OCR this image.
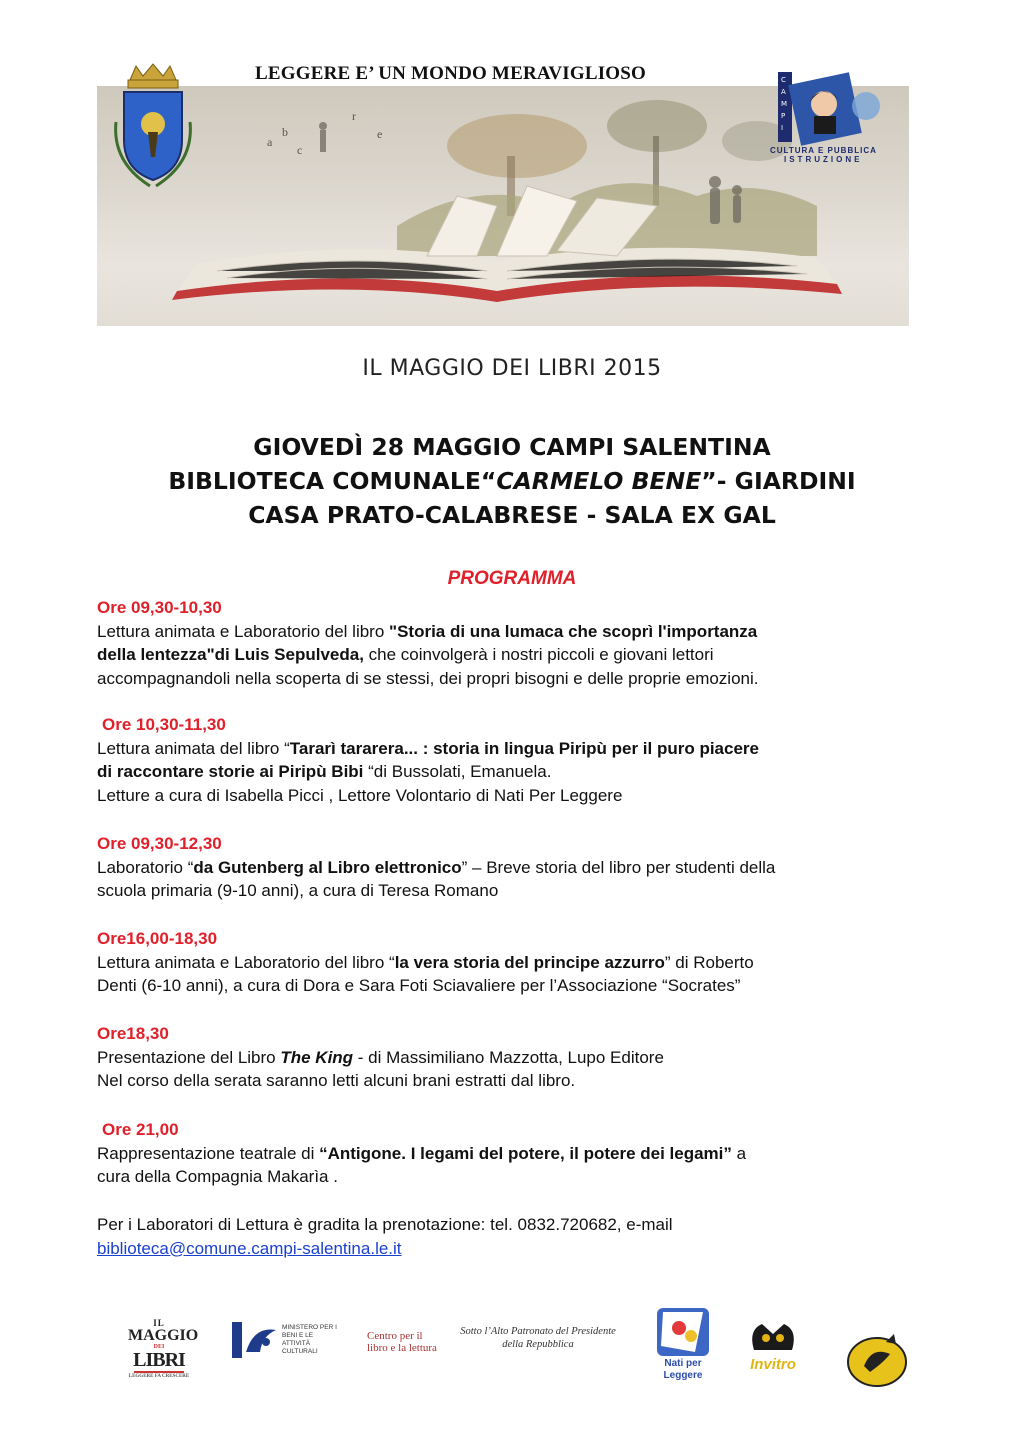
a
b
c
r
e
LEGGERE E’ UN MONDO MERAVIGLIOSO	C
A
M
P
I
CULTURA E PUBBLICA
ISTRUZIONE
IL MAGGIO DEI LIBRI 2015
GIOVEDÌ 28 MAGGIO CAMPI SALENTINA
BIBLIOTECA COMUNALE“CARMELO BENE”- GIARDINI
CASA PRATO-CALABRESE - SALA EX GAL
PROGRAMMA
Ore 09,30-10,30
Lettura animata e Laboratorio del libro "Storia di una lumaca che scoprì l'importanza
della lentezza"di Luis Sepulveda, che coinvolgerà i nostri piccoli e giovani lettori
accompagnandoli nella scoperta di se stessi, dei propri bisogni e delle proprie emozioni.
Ore 10,30-11,30
Lettura animata del libro “Tararì tararera... : storia in lingua Piripù per il puro piacere
di raccontare storie ai Piripù Bibi “di Bussolati, Emanuela.
Letture a cura di Isabella Picci , Lettore Volontario di Nati Per Leggere
Ore 09,30-12,30
Laboratorio “da Gutenberg al Libro elettronico” – Breve storia del libro per studenti della
scuola primaria (9-10 anni), a cura di Teresa Romano
Ore16,00-18,30
Lettura animata e Laboratorio del libro “la vera storia del principe azzurro” di Roberto
Denti (6-10 anni), a cura di Dora e Sara Foti Sciavaliere per l’Associazione “Socrates”
Ore18,30
Presentazione del Libro The King - di Massimiliano Mazzotta, Lupo Editore
Nel corso della serata saranno letti alcuni brani estratti dal libro.
Ore 21,00
Rappresentazione teatrale di “Antigone. I legami del potere, il potere dei legami” a
cura della Compagnia Makarìa .
Per i Laboratori di Lettura è gradita la prenotazione: tel. 0832.720682, e-mail
biblioteca@comune.campi-salentina.le.it
IL
MAGGIO
DEI
LIBRI
LEGGERE FA CRESCERE
MINISTERO PER I BENI E LE ATTIVITÀ CULTURALI
Centro per il libro e la lettura
Sotto l’Alto Patronato del Presidente della Repubblica
Nati per Leggere
Invitro
